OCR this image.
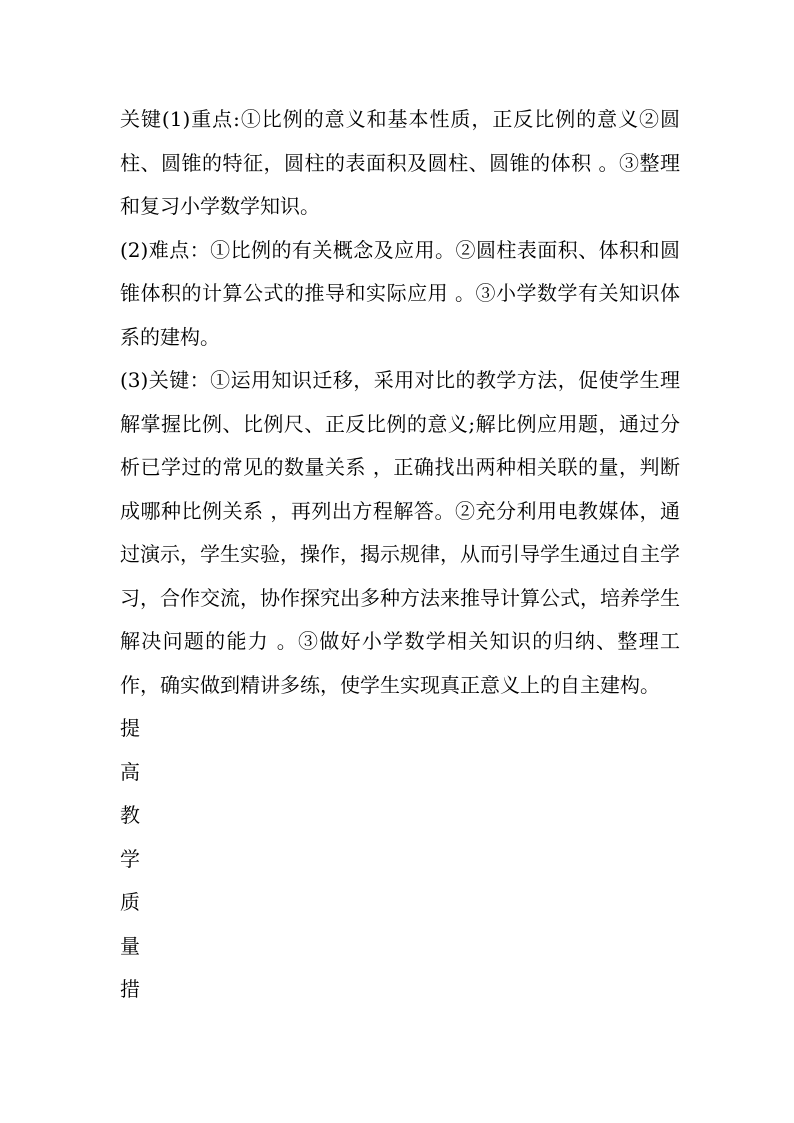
关键(1)重点:①比例的意义和基本性质，正反比例的意义②圆柱、圆锥的特征，圆柱的表面积及圆柱、圆锥的体积 。③整理和复习小学数学知识。

(2)难点：①比例的有关概念及应用。②圆柱表面积、体积和圆锥体积的计算公式的推导和实际应用 。③小学数学有关知识体系的建构。

(3)关键：①运用知识迁移，采用对比的教学方法，促使学生理解掌握比例、比例尺、正反比例的意义;解比例应用题，通过分析已学过的常见的数量关系 ，正确找出两种相关联的量，判断成哪种比例关系 ，再列出方程解答。②充分利用电教媒体，通过演示，学生实验，操作，揭示规律，从而引导学生通过自主学习，合作交流，协作探究出多种方法来推导计算公式，培养学生解决问题的能力 。③做好小学数学相关知识的归纳、整理工作，确实做到精讲多练，使学生实现真正意义上的自主建构。

提
高
教
学
质
量
措
